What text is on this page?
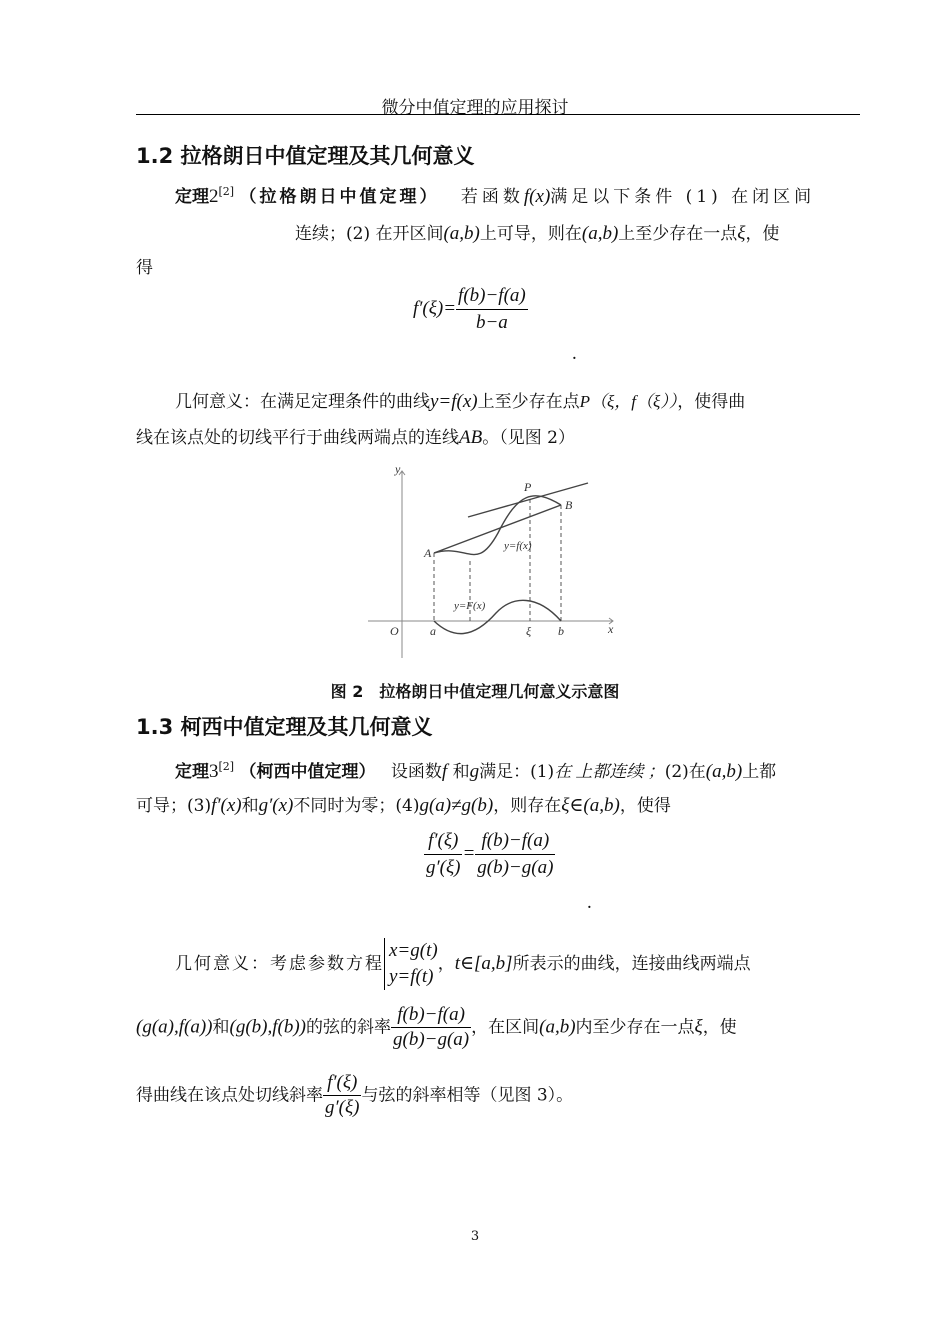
微分中值定理的应用探讨
1.2 拉格朗日中值定理及其几何意义
定理2[2] （拉格朗日中值定理） 若函数f(x)满足以下条件 (1) 在闭区间
连续；(2) 在开区间(a,b)上可导，则在(a,b)上至少存在一点ξ，使
得
$f'(\xi)= \frac{f(b)-f(a)}{b-a}$
.
几何意义：在满足定理条件的曲线y=f(x)上至少存在点P（ξ，f（ξ）），使得曲
线在该点处的切线平行于曲线两端点的连线AB。（见图 2）
y
x
O	a	ξ b
A
B
P
y=f(x)
y=F(x)
图 2　拉格朗日中值定理几何意义示意图
1.3 柯西中值定理及其几何意义
定理3[2] （柯西中值定理） 设函数f 和g满足：(1)在 上都连续 ；(2)在(a,b)上都
可导；(3)f′(x)和g′(x)不同时为零；(4)g(a)≠g(b)，则存在ξ∈(a,b)，使得
$\frac{f'(\xi)}{g'(\xi)} = \frac{f(b)-f(a)}{g(b)-g(a)}$
.
几何意义：考虑参数方程
x=g(t)
y=f(t)
，t∈[a,b]所表示的曲线，连接曲线两端点
(g(a),f(a))和(g(b),f(b))的弦的斜率 $\frac{f(b)-f(a)}{g(b)-g(a)}$ ，在区间(a,b)内至少存在一点ξ，使
得曲线在该点处切线斜率 $\frac{f'(\xi)}{g'(\xi)}$ 与弦的斜率相等（见图 3）。
3
